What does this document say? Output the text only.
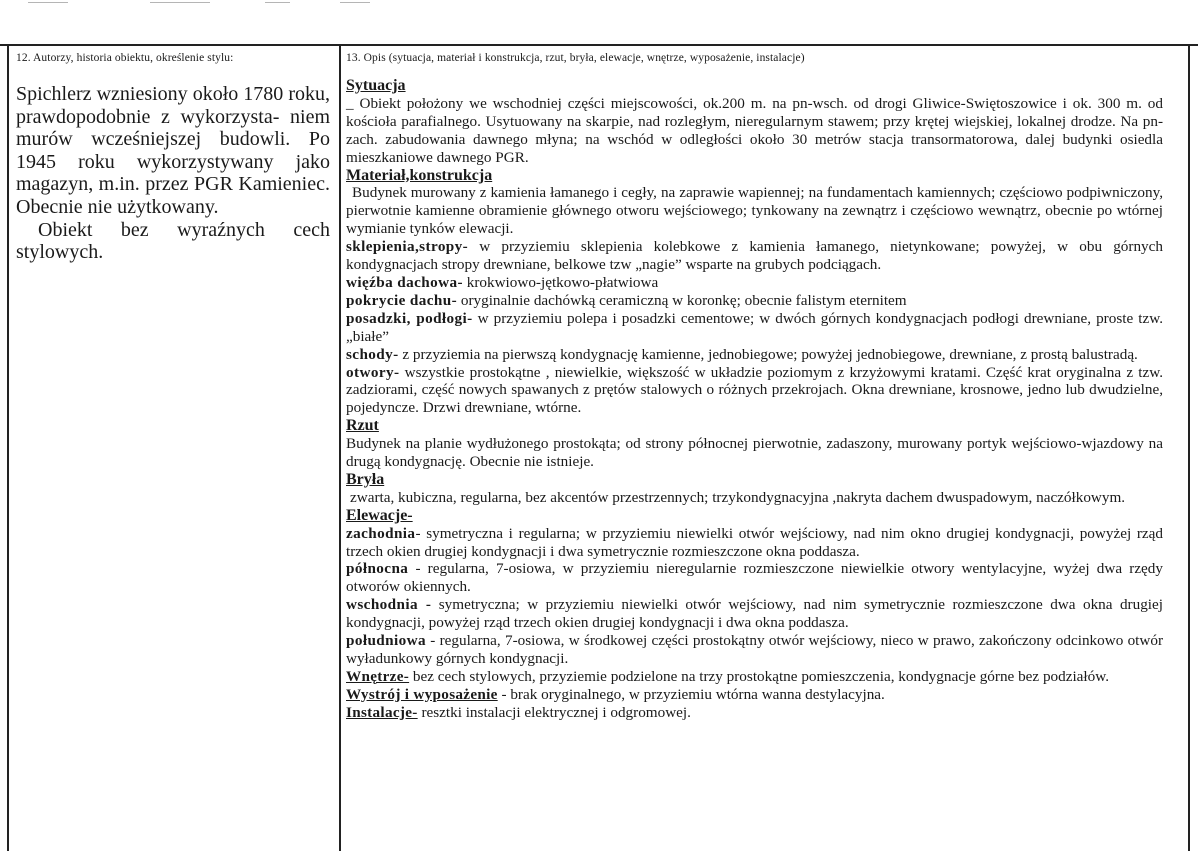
12. Autorzy, historia obiektu, określenie stylu:

Spichlerz wzniesiony około 1780 roku, prawdopodobnie z wykorzysta- niem murów wcześniejszej budowli. Po 1945 roku wykorzystywany jako magazyn, m.in. przez PGR Kamieniec. Obecnie nie użytkowany.

Obiekt bez wyraźnych cech stylowych.

13. Opis (sytuacja, materiał i konstrukcja, rzut, bryła, elewacje, wnętrze, wyposażenie, instalacje)
Sytuacja

_ Obiekt położony we wschodniej części miejscowości, ok.200 m. na pn-wsch. od drogi Gliwice-Swiętoszowice i ok. 300 m. od kościoła parafialnego. Usytuowany na skarpie, nad rozległym, nieregularnym stawem; przy krętej wiejskiej, lokalnej drodze. Na pn-zach. zabudowania dawnego młyna; na wschód w odległości około 30 metrów stacja transormatorowa, dalej budynki osiedla mieszkaniowe dawnego PGR.

Materiał,konstrukcja

Budynek murowany z kamienia łamanego i cegły, na zaprawie wapiennej; na fundamentach kamiennych; częściowo podpiwniczony, pierwotnie kamienne obramienie głównego otworu wejściowego; tynkowany na zewnątrz i częściowo wewnątrz, obecnie po wtórnej wymianie tynków elewacji.

sklepienia,stropy- w przyziemiu sklepienia kolebkowe z kamienia łamanego, nietynkowane; powyżej, w obu górnych kondygnacjach stropy drewniane, belkowe tzw „nagie” wsparte na grubych podciągach.

więźba dachowa- krokwiowo-jętkowo-płatwiowa

pokrycie dachu- oryginalnie dachówką ceramiczną w koronkę; obecnie falistym eternitem

posadzki, podłogi- w przyziemiu polepa i posadzki cementowe; w dwóch górnych kondygnacjach podłogi drewniane, proste tzw. „białe”

schody- z przyziemia na pierwszą kondygnację kamienne, jednobiegowe; powyżej jednobiegowe, drewniane, z prostą balustradą.

otwory- wszystkie prostokątne , niewielkie, większość w układzie poziomym z krzyżowymi kratami. Część krat oryginalna z tzw. zadziorami, część nowych spawanych z prętów stalowych o różnych przekrojach. Okna drewniane, krosnowe, jedno lub dwudzielne, pojedyncze. Drzwi drewniane, wtórne.

Rzut

Budynek na planie wydłużonego prostokąta; od strony północnej pierwotnie, zadaszony, murowany portyk wejściowo-wjazdowy na drugą kondygnację. Obecnie nie istnieje.

Bryła

zwarta, kubiczna, regularna, bez akcentów przestrzennych; trzykondygnacyjna ,nakryta dachem dwuspadowym, naczółkowym.

Elewacje-

zachodnia- symetryczna i regularna; w przyziemiu niewielki otwór wejściowy, nad nim okno drugiej kondygnacji, powyżej rząd trzech okien drugiej kondygnacji i dwa symetrycznie rozmieszczone okna poddasza.

północna - regularna, 7-osiowa, w przyziemiu nieregularnie rozmieszczone niewielkie otwory wentylacyjne, wyżej dwa rzędy otworów okiennych.

wschodnia - symetryczna; w przyziemiu niewielki otwór wejściowy, nad nim symetrycznie rozmieszczone dwa okna drugiej kondygnacji, powyżej rząd trzech okien drugiej kondygnacji i dwa okna poddasza.

południowa - regularna, 7-osiowa, w środkowej części prostokątny otwór wejściowy, nieco w prawo, zakończony odcinkowo otwór wyładunkowy górnych kondygnacji.

Wnętrze- bez cech stylowych, przyziemie podzielone na trzy prostokątne pomieszczenia, kondygnacje górne bez podziałów.

Wystrój i wyposażenie - brak oryginalnego, w przyziemiu wtórna wanna destylacyjna.

Instalacje- resztki instalacji elektrycznej i odgromowej.
